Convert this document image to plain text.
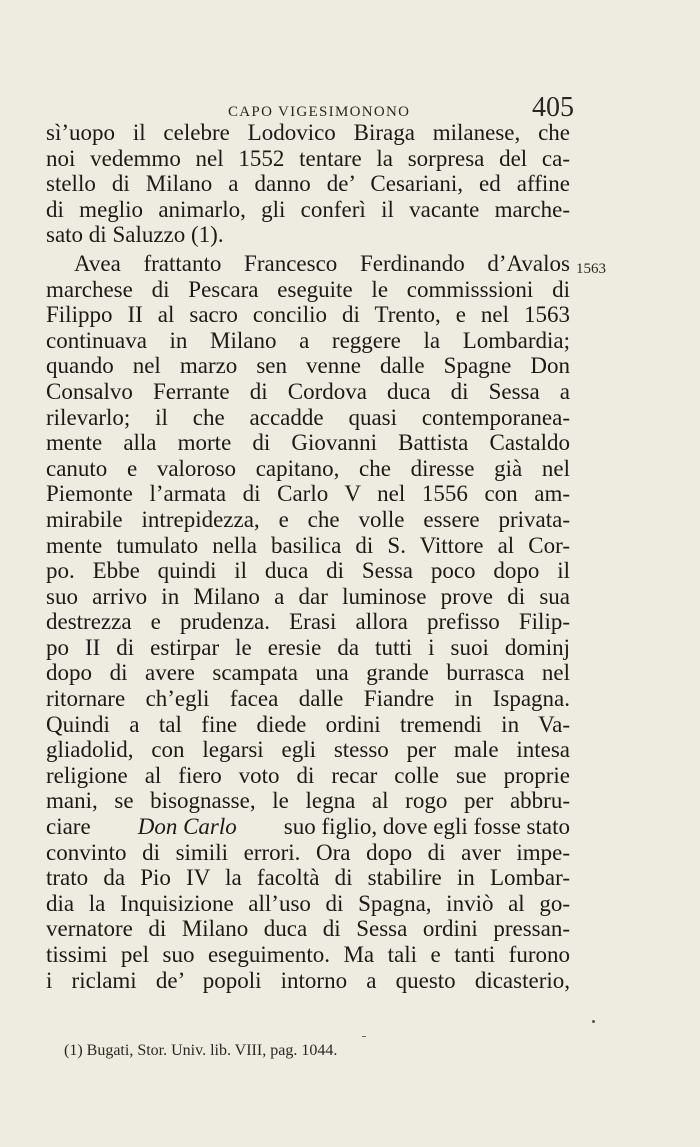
CAPO VIGESIMONONO	405
sì’uopo il celebre Lodovico Biraga milanese, che
noi vedemmo nel 1552 tentare la sorpresa del ca-
stello di Milano a danno de’ Cesariani, ed affine
di meglio animarlo, gli conferì il vacante marche-
sato di Saluzzo (1).
Avea frattanto Francesco Ferdinando d’Avalos
marchese di Pescara eseguite le commisssioni di
Filippo II al sacro concilio di Trento, e nel 1563
continuava in Milano a reggere la Lombardia;
quando nel marzo sen venne dalle Spagne Don
Consalvo Ferrante di Cordova duca di Sessa a
rilevarlo; il che accadde quasi contemporanea-
mente alla morte di Giovanni Battista Castaldo
canuto e valoroso capitano, che diresse già nel
Piemonte l’armata di Carlo V nel 1556 con am-
mirabile intrepidezza, e che volle essere privata-
mente tumulato nella basilica di S. Vittore al Cor-
po. Ebbe quindi il duca di Sessa poco dopo il
suo arrivo in Milano a dar luminose prove di sua
destrezza e prudenza. Erasi allora prefisso Filip-
po II di estirpar le eresie da tutti i suoi dominj
dopo di avere scampata una grande burrasca nel
ritornare ch’egli facea dalle Fiandre in Ispagna.
Quindi a tal fine diede ordini tremendi in Va-
gliadolid, con legarsi egli stesso per male intesa
religione al fiero voto di recar colle sue proprie
mani, se bisognasse, le legna al rogo per abbru-
ciare Don Carlo suo figlio, dove egli fosse stato
convinto di simili errori. Ora dopo di aver impe-
trato da Pio IV la facoltà di stabilire in Lombar-
dia la Inquisizione all’uso di Spagna, inviò al go-
vernatore di Milano duca di Sessa ordini pressan-
tissimi pel suo eseguimento. Ma tali e tanti furono
i riclami de’ popoli intorno a questo dicasterio,
1563
(1) Bugati, Stor. Univ. lib. VIII, pag. 1044.
